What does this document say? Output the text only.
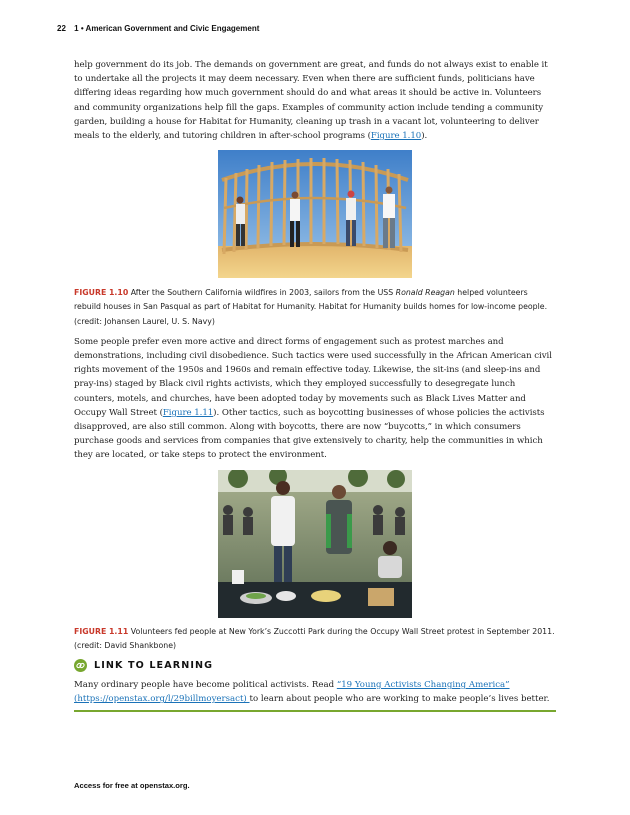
22 1 • American Government and Civic Engagement

help government do its job. The demands on government are great, and funds do not always exist to enable it to undertake all the projects it may deem necessary. Even when there are sufficient funds, politicians have differing ideas regarding how much government should do and what areas it should be active in. Volunteers and community organizations help fill the gaps. Examples of community action include tending a community garden, building a house for Habitat for Humanity, cleaning up trash in a vacant lot, volunteering to deliver meals to the elderly, and tutoring children in after-school programs (Figure 1.10).

FIGURE 1.10 After the Southern California wildfires in 2003, sailors from the USS Ronald Reagan helped volunteers rebuild houses in San Pasqual as part of Habitat for Humanity. Habitat for Humanity builds homes for low-income people. (credit: Johansen Laurel, U. S. Navy)

Some people prefer even more active and direct forms of engagement such as protest marches and demonstrations, including civil disobedience. Such tactics were used successfully in the African American civil rights movement of the 1950s and 1960s and remain effective today. Likewise, the sit-ins (and sleep-ins and pray-ins) staged by Black civil rights activists, which they employed successfully to desegregate lunch counters, motels, and churches, have been adopted today by movements such as Black Lives Matter and Occupy Wall Street (Figure 1.11). Other tactics, such as boycotting businesses of whose policies the activists disapproved, are also still common. Along with boycotts, there are now “buycotts,” in which consumers purchase goods and services from companies that give extensively to charity, help the communities in which they are located, or take steps to protect the environment.

FIGURE 1.11 Volunteers fed people at New York’s Zuccotti Park during the Occupy Wall Street protest in September 2011. (credit: David Shankbone)

LINK TO LEARNING

Many ordinary people have become political activists. Read “19 Young Activists Changing America” (https://openstax.org/l/29billmoyersact) to learn about people who are working to make people’s lives better.

Access for free at openstax.org.
